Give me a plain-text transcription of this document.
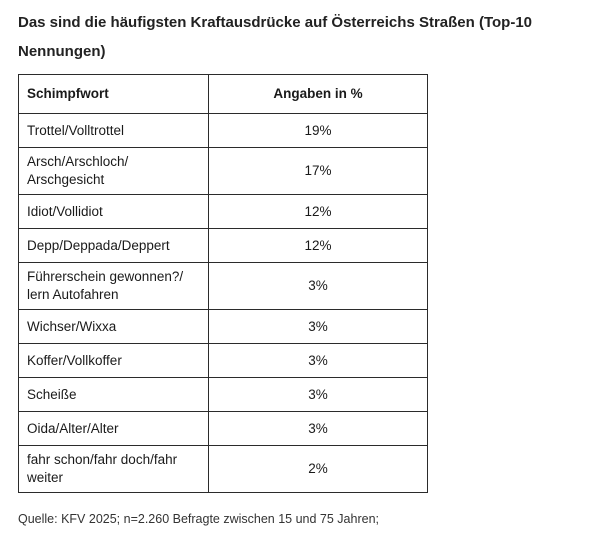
Das sind die häufigsten Kraftausdrücke auf Österreichs Straßen (Top-10 Nennungen)
Schimpfwort	Angaben in %
Trottel/Volltrottel	19%
Arsch/Arschloch/
Arschgesicht	17%
Idiot/Vollidiot	12%
Depp/Deppada/Deppert	12%
Führerschein gewonnen?/
lern Autofahren	3%
Wichser/Wixxa	3%
Koffer/Vollkoffer	3%
Scheiße	3%
Oida/Alter/Alter	3%
fahr schon/fahr doch/fahr
weiter	2%

Quelle: KFV 2025; n=2.260 Befragte zwischen 15 und 75 Jahren;
